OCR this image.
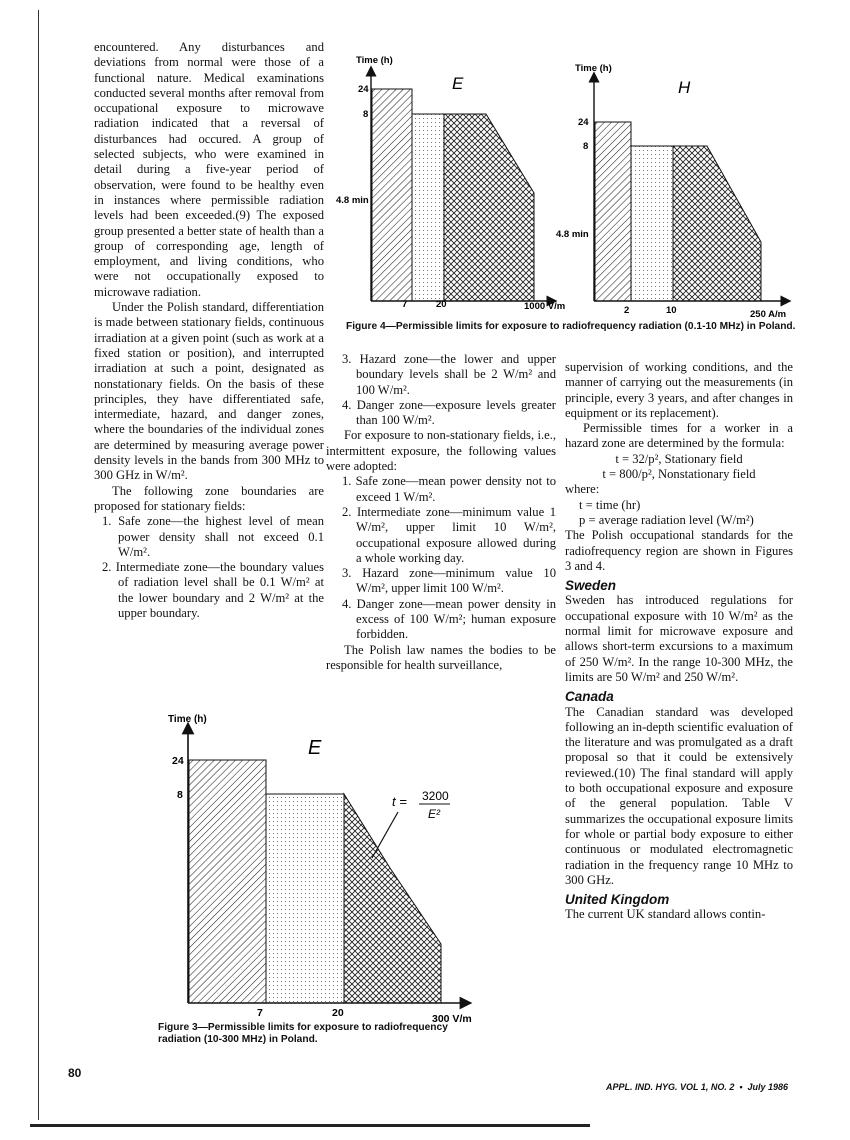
encountered. Any disturbances and deviations from normal were those of a functional nature. Medical examinations conducted several months after removal from occupational exposure to microwave radiation indicated that a reversal of disturbances had occured. A group of selected subjects, who were examined in detail during a five-year period of observation, were found to be healthy even in instances where permissible radiation levels had been exceeded.(9) The exposed group presented a better state of health than a group of corresponding age, length of employment, and living conditions, who were not occupationally exposed to microwave radiation.

Under the Polish standard, differentiation is made between stationary fields, continuous irradiation at a given point (such as work at a fixed station or position), and interrupted irradiation at such a point, designated as nonstationary fields. On the basis of these principles, they have differentiated safe, intermediate, hazard, and danger zones, where the boundaries of the individual zones are determined by measuring average power density levels in the bands from 300 MHz to 300 GHz in W/m².

The following zone boundaries are proposed for stationary fields:

1. Safe zone—the highest level of mean power density shall not exceed 0.1 W/m².

2. Intermediate zone—the boundary values of radiation level shall be 0.1 W/m² at the lower boundary and 2 W/m² at the upper boundary.

Time (h)
E
24
8
4.8 min
7	20	1000 V/m
Time (h)
H
24
8
4.8 min
2	10	250 A/m
Figure 4—Permissible limits for exposure to radiofrequency radiation (0.1-10 MHz) in Poland.

3. Hazard zone—the lower and upper boundary levels shall be 2 W/m² and 100 W/m².

4. Danger zone—exposure levels greater than 100 W/m².

For exposure to non-stationary fields, i.e., intermittent exposure, the following values were adopted:

1. Safe zone—mean power density not to exceed 1 W/m².

2. Intermediate zone—minimum value 1 W/m², upper limit 10 W/m², occupational exposure allowed during a whole working day.

3. Hazard zone—minimum value 10 W/m², upper limit 100 W/m².

4. Danger zone—mean power density in excess of 100 W/m²; human exposure forbidden.

The Polish law names the bodies to be responsible for health surveillance,

supervision of working conditions, and the manner of carrying out the measurements (in principle, every 3 years, and after changes in equipment or its replacement).

Permissible times for a worker in a hazard zone are determined by the formula:

t = 32/p², Stationary field

t = 800/p², Nonstationary field

where:

t = time (hr)

p = average radiation level (W/m²)

The Polish occupational standards for the radiofrequency region are shown in Figures 3 and 4.

Sweden

Sweden has introduced regulations for occupational exposure with 10 W/m² as the normal limit for microwave exposure and allows short-term excursions to a maximum of 250 W/m². In the range 10-300 MHz, the limits are 50 W/m² and 250 W/m².

Canada

The Canadian standard was developed following an in-depth scientific evaluation of the literature and was promulgated as a draft proposal so that it could be extensively reviewed.(10) The final standard will apply to both occupational exposure and exposure of the general population. Table V summarizes the occupational exposure limits for whole or partial body exposure to either continuous or modulated electromagnetic radiation in the frequency range 10 MHz to 300 GHz.

United Kingdom

The current UK standard allows contin-

Time (h)
E
24
8
7	20	300 V/m
t = 3200
E²
Figure 3—Permissible limits for exposure to radiofrequency radiation (10-300 MHz) in Poland.
80
APPL. IND. HYG. VOL 1, NO. 2  •  July 1986
